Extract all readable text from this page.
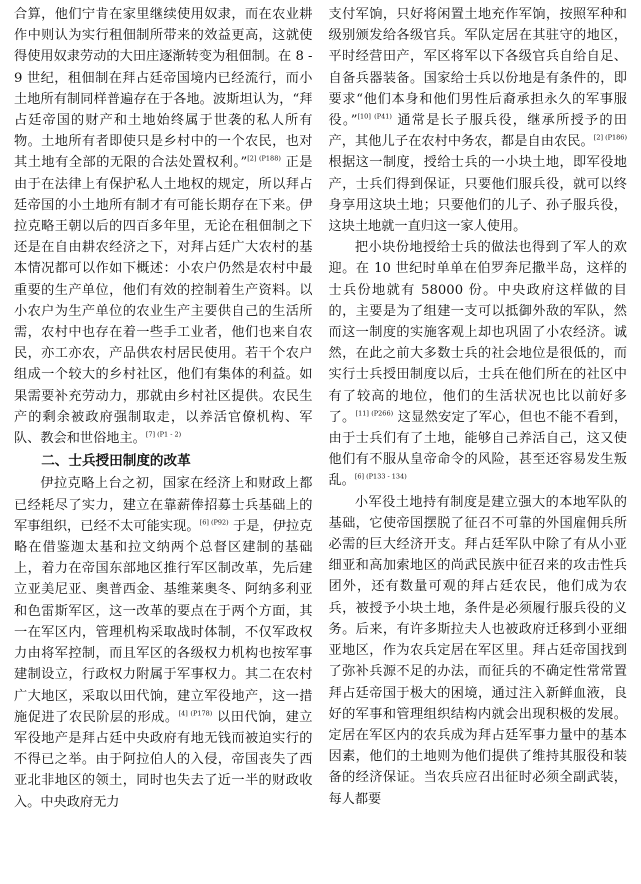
合算，他们宁肯在家里继续使用奴隶，而在农业耕作中则认为实行租佃制所带来的效益更高，这就使得使用奴隶劳动的大田庄逐渐转变为租佃制。在 8 - 9 世纪，租佃制在拜占廷帝国境内已经流行，而小土地所有制同样普遍存在于各地。波斯坦认为，“拜占廷帝国的财产和土地始终属于世袭的私人所有物。土地所有者即使只是乡村中的一个农民，也对其土地有全部的无限的合法处置权利。”$^{[2] (P188)}$ 正是由于在法律上有保护私人土地权的规定，所以拜占廷帝国的小土地所有制才有可能长期存在下来。伊拉克略王朝以后的四百多年里，无论在租佃制之下还是在自由耕农经济之下，对拜占廷广大农村的基本情况都可以作如下概述：小农户仍然是农村中最重要的生产单位，他们有效的控制着生产资料。以小农户为生产单位的农业生产主要供自己的生活所需，农村中也存在着一些手工业者，他们也来自农民，亦工亦农，产品供农村居民使用。若干个农户组成一个较大的乡村社区，他们有集体的利益。如果需要补充劳动力，那就由乡村社区提供。农民生产的剩余被政府强制取走，以养活官僚机构、军队、教会和世俗地主。$^{[7] (P1 - 2)}$

二、士兵授田制度的改革

伊拉克略上台之初，国家在经济上和财政上都已经耗尽了实力，建立在靠薪俸招募士兵基础上的军事组织，已经不太可能实现。$^{[6] (P92)}$ 于是，伊拉克略在借鉴迦太基和拉文纳两个总督区建制的基础上，着力在帝国东部地区推行军区制改革，先后建立亚美尼亚、奥普西金、基维莱奥冬、阿纳多利亚和色雷斯军区，这一改革的要点在于两个方面，其一在军区内，管理机构采取战时体制，不仅军政权力由将军控制，而且军区的各级权力机构也按军事建制设立，行政权力附属于军事权力。其二在农村广大地区，采取以田代饷，建立军役地产，这一措施促进了农民阶层的形成。$^{[4] (P178)}$ 以田代饷，建立军役地产是拜占廷中央政府有地无钱而被迫实行的不得已之举。由于阿拉伯人的入侵，帝国丧失了西亚北非地区的领土，同时也失去了近一半的财政收入。中央政府无力

支付军饷，只好将闲置土地充作军饷，按照军种和级别颁发给各级官兵。军队定居在其驻守的地区，平时经营田产，军区将军以下各级官兵自给自足、自备兵器装备。国家给士兵以份地是有条件的，即要求“他们本身和他们男性后裔承担永久的军事服役。”$^{[10] (P41)}$ 通常是长子服兵役，继承所授予的田产，其他儿子在农村中务农，都是自由农民。$^{[2] (P186)}$ 根据这一制度，授给士兵的一小块土地，即军役地产，士兵们得到保证，只要他们服兵役，就可以终身享用这块土地；只要他们的儿子、孙子服兵役，这块土地就一直归这一家人使用。

把小块份地授给士兵的做法也得到了军人的欢迎。在 10 世纪时单单在伯罗奔尼撒半岛，这样的士兵份地就有 58000 份。中央政府这样做的目的，主要是为了组建一支可以抵御外敌的军队，然而这一制度的实施客观上却也巩固了小农经济。诚然，在此之前大多数士兵的社会地位是很低的，而实行士兵授田制度以后，士兵在他们所在的社区中有了较高的地位，他们的生活状况也比以前好多了。$^{[11] (P266)}$ 这显然安定了军心，但也不能不看到，由于士兵们有了土地，能够自己养活自己，这又使他们有不服从皇帝命令的风险，甚至还容易发生叛乱。$^{[6] (P133 - 134)}$

小军役土地持有制度是建立强大的本地军队的基础，它使帝国摆脱了征召不可靠的外国雇佣兵所必需的巨大经济开支。拜占廷军队中除了有从小亚细亚和高加索地区的尚武民族中征召来的攻击性兵团外，还有数量可观的拜占廷农民，他们成为农兵，被授予小块土地，条件是必须履行服兵役的义务。后来，有许多斯拉夫人也被政府迁移到小亚细亚地区，作为农兵定居在军区里。拜占廷帝国找到了弥补兵源不足的办法，而征兵的不确定性常常置拜占廷帝国于极大的困境，通过注入新鲜血液，良好的军事和管理组织结构内就会出现积极的发展。定居在军区内的农兵成为拜占廷军事力量中的基本因素，他们的土地则为他们提供了维持其服役和装备的经济保证。当农兵应召出征时必须全副武装，每人都要
